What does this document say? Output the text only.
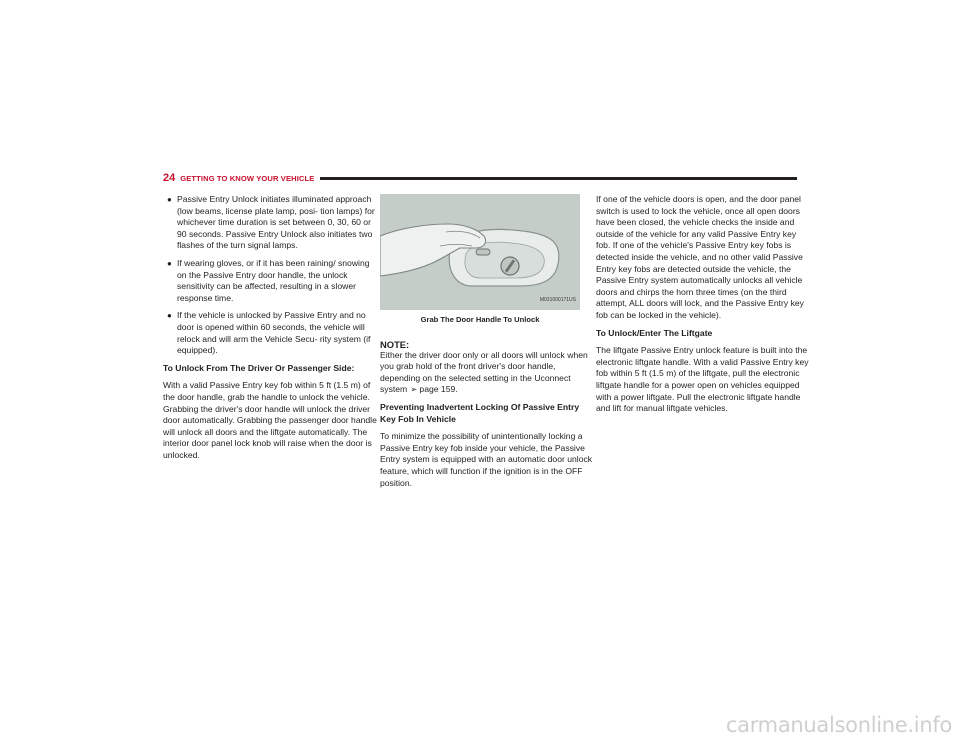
24 GETTING TO KNOW YOUR VEHICLE
● Passive Entry Unlock initiates illuminated approach (low beams, license plate lamp, posi- tion lamps) for whichever time duration is set between 0, 30, 60 or 90 seconds. Passive Entry Unlock also initiates two flashes of the turn signal lamps.
● If wearing gloves, or if it has been raining/ snowing on the Passive Entry door handle, the unlock sensitivity can be affected, resulting in a slower response time.
● If the vehicle is unlocked by Passive Entry and no door is opened within 60 seconds, the vehicle will relock and will arm the Vehicle Secu- rity system (if equipped).
To Unlock From The Driver Or Passenger Side:

With a valid Passive Entry key fob within 5 ft (1.5 m) of the door handle, grab the handle to unlock the vehicle. Grabbing the driver's door handle will unlock the driver door automatically. Grabbing the passenger door handle will unlock all doors and the liftgate automatically. The interior door panel lock knob will raise when the door is unlocked.

M031000171US
Grab The Door Handle To Unlock
NOTE:

Either the driver door only or all doors will unlock when you grab hold of the front driver's door handle, depending on the selected setting in the Uconnect system ➢ page 159.

Preventing Inadvertent Locking Of Passive Entry Key Fob In Vehicle

To minimize the possibility of unintentionally locking a Passive Entry key fob inside your vehicle, the Passive Entry system is equipped with an automatic door unlock feature, which will function if the ignition is in the OFF position.

If one of the vehicle doors is open, and the door panel switch is used to lock the vehicle, once all open doors have been closed, the vehicle checks the inside and outside of the vehicle for any valid Passive Entry key fob. If one of the vehicle's Passive Entry key fobs is detected inside the vehicle, and no other valid Passive Entry key fobs are detected outside the vehicle, the Passive Entry system automatically unlocks all vehicle doors and chirps the horn three times (on the third attempt, ALL doors will lock, and the Passive Entry key fob can be locked in the vehicle).

To Unlock/Enter The Liftgate

The liftgate Passive Entry unlock feature is built into the electronic liftgate handle. With a valid Passive Entry key fob within 5 ft (1.5 m) of the liftgate, pull the electronic liftgate handle for a power open on vehicles equipped with a power liftgate. Pull the electronic liftgate handle and lift for manual liftgate vehicles.

carmanualsonline.info
